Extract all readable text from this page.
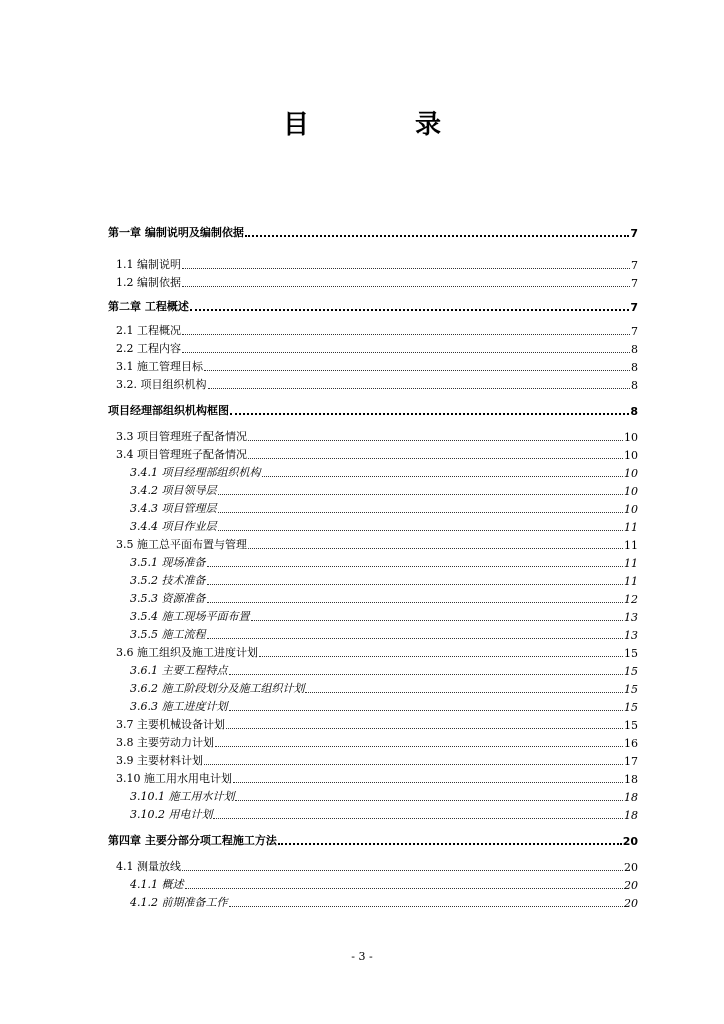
目　录
第一章 编制说明及编制依据	7
1.1 编制说明	7
1.2 编制依据	7
第二章 工程概述	7
2.1 工程概况	7
2.2 工程内容	8
3.1 施工管理目标	8
3.2. 项目组织机构	8
项目经理部组织机构框图	8
3.3 项目管理班子配备情况	10
3.4 项目管理班子配备情况	10
3.4.1 项目经理部组织机构	10
3.4.2 项目领导层	10
3.4.3 项目管理层	10
3.4.4 项目作业层	11
3.5 施工总平面布置与管理	11
3.5.1 现场准备	11
3.5.2 技术准备	11
3.5.3 资源准备	12
3.5.4 施工现场平面布置	13
3.5.5 施工流程	13
3.6 施工组织及施工进度计划	15
3.6.1 主要工程特点	15
3.6.2 施工阶段划分及施工组织计划	15
3.6.3 施工进度计划	15
3.7 主要机械设备计划	15
3.8 主要劳动力计划	16
3.9 主要材料计划	17
3.10 施工用水用电计划	18
3.10.1 施工用水计划	18
3.10.2 用电计划	18
第四章 主要分部分项工程施工方法	20
4.1 测量放线	20
4.1.1 概述	20
4.1.2 前期准备工作	20
- 3 -
